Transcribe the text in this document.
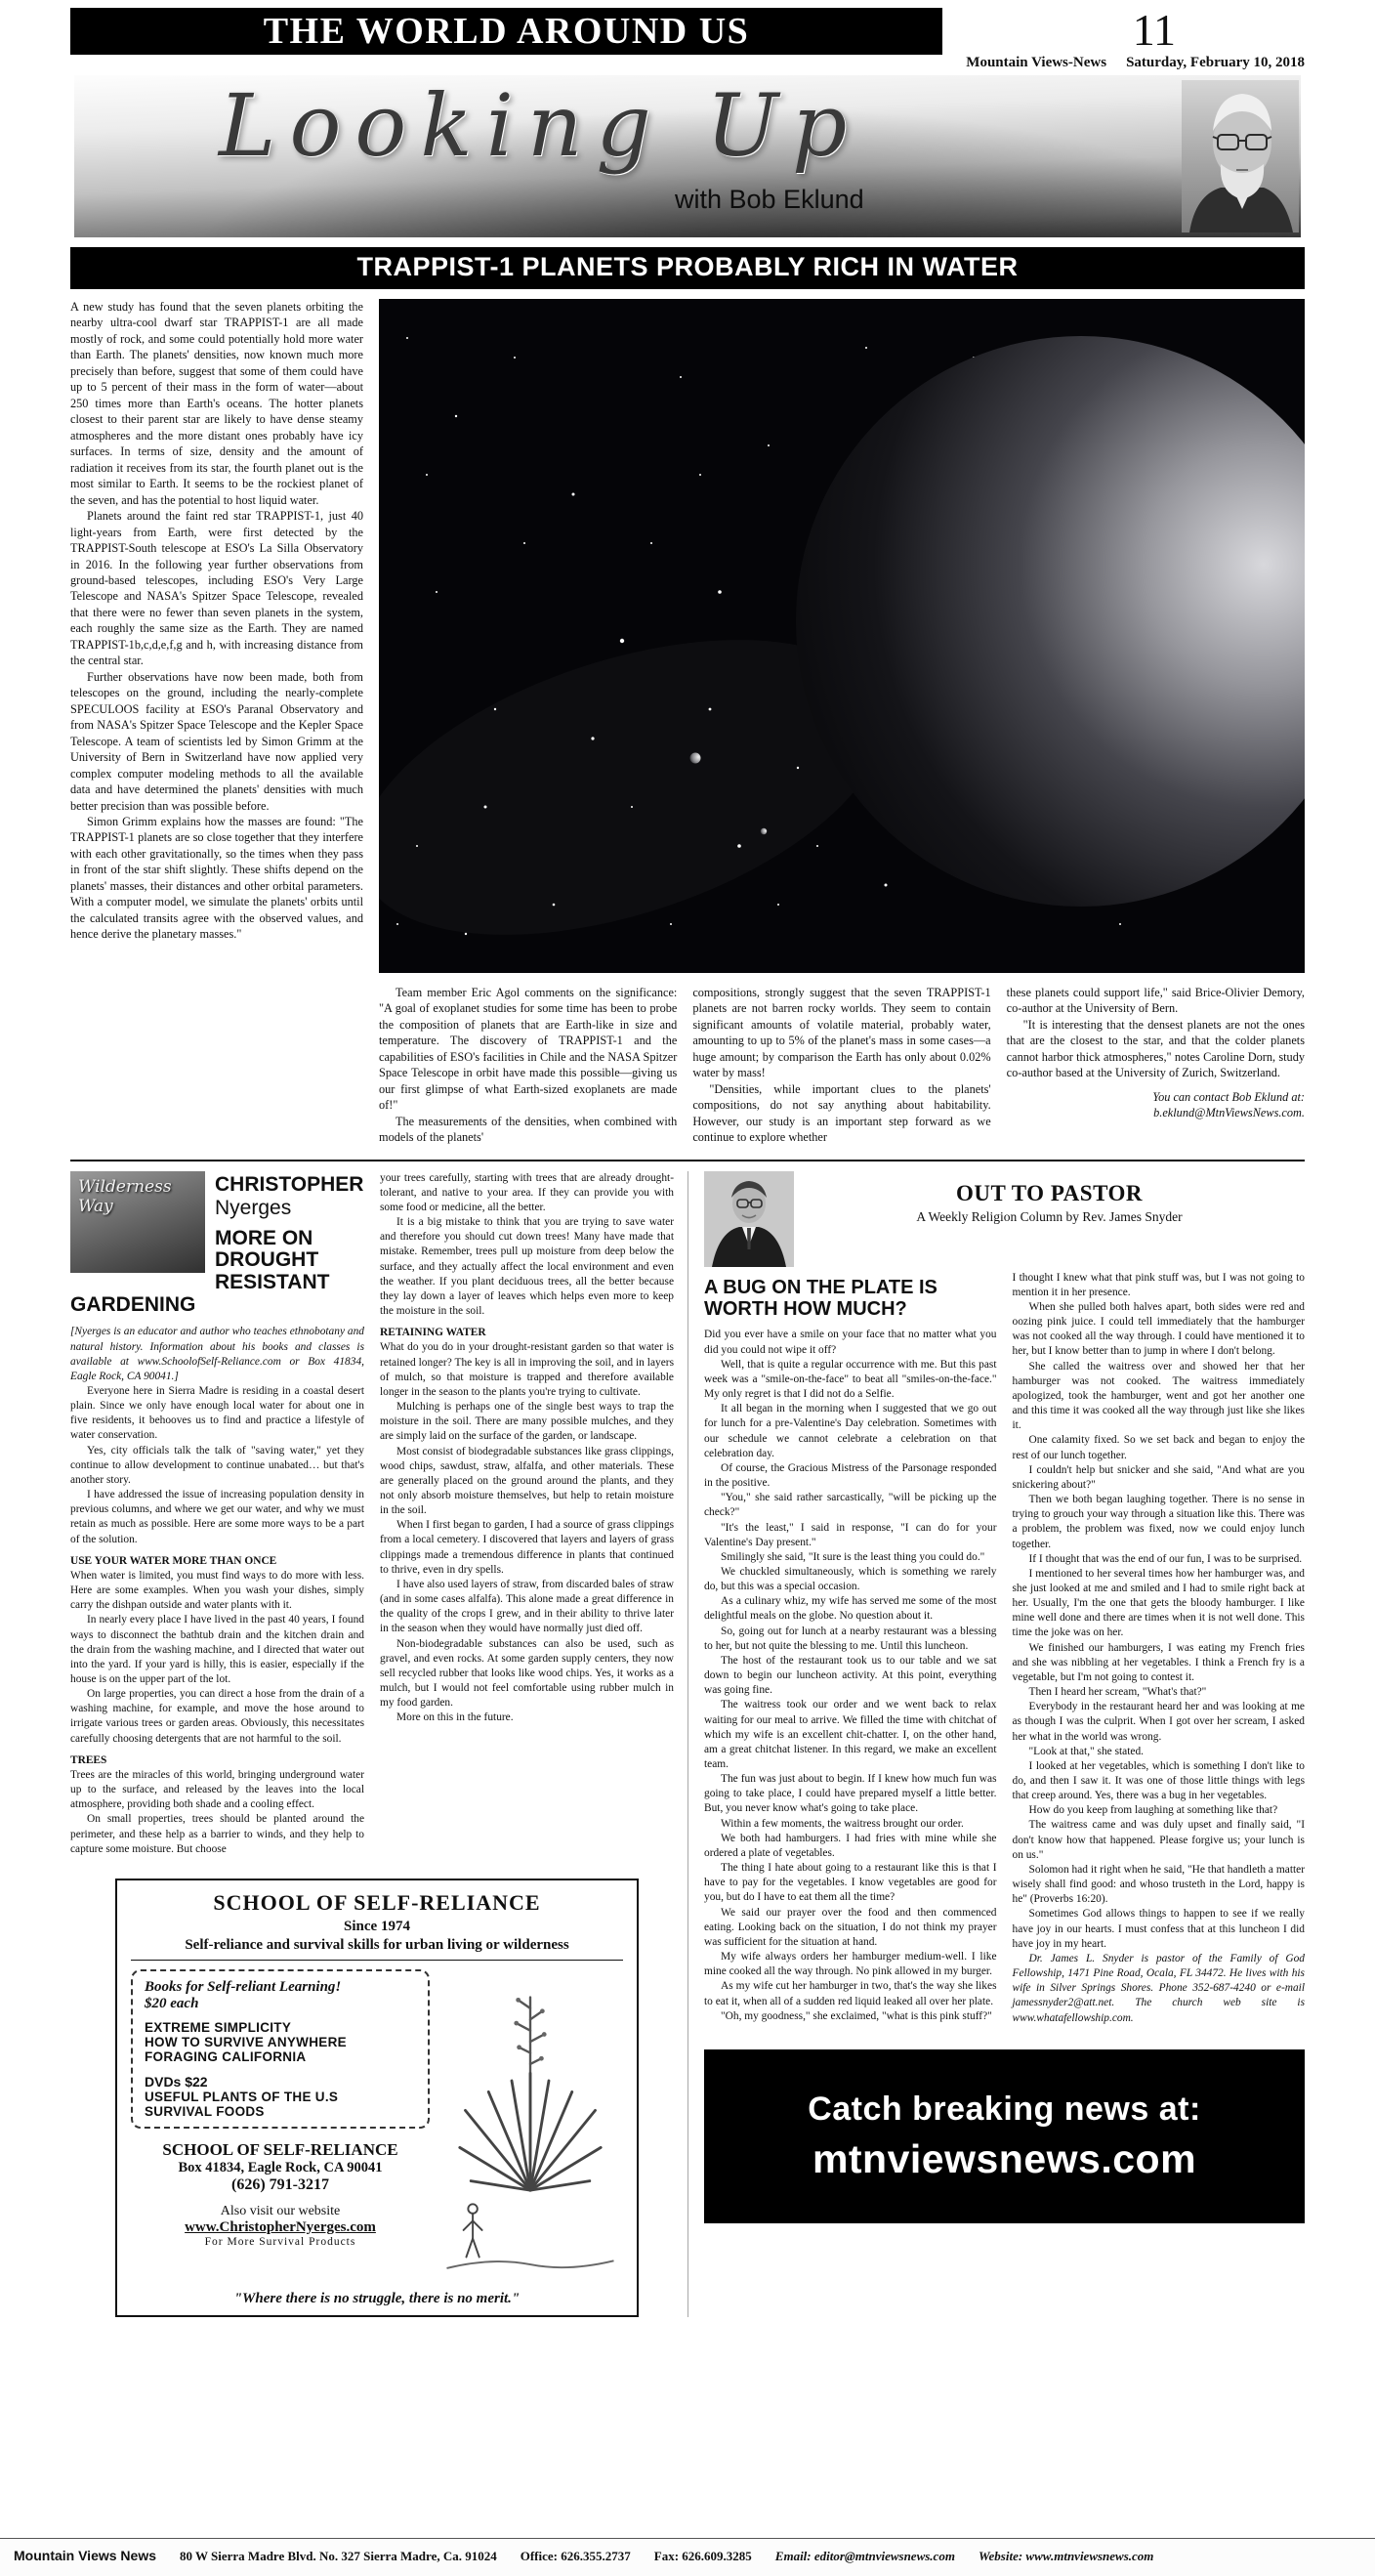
THE WORLD AROUND US	11
Mountain Views-News Saturday, February 10, 2018
Looking Up
with Bob Eklund
TRAPPIST-1 PLANETS PROBABLY RICH IN WATER

A new study has found that the seven planets orbiting the nearby ultra-cool dwarf star TRAPPIST-1 are all made mostly of rock, and some could potentially hold more water than Earth. The planets' densities, now known much more precisely than before, suggest that some of them could have up to 5 percent of their mass in the form of water—about 250 times more than Earth's oceans. The hotter planets closest to their parent star are likely to have dense steamy atmospheres and the more distant ones probably have icy surfaces. In terms of size, density and the amount of radiation it receives from its star, the fourth planet out is the most similar to Earth. It seems to be the rockiest planet of the seven, and has the potential to host liquid water.

Planets around the faint red star TRAPPIST-1, just 40 light-years from Earth, were first detected by the TRAPPIST-South telescope at ESO's La Silla Observatory in 2016. In the following year further observations from ground-based telescopes, including ESO's Very Large Telescope and NASA's Spitzer Space Telescope, revealed that there were no fewer than seven planets in the system, each roughly the same size as the Earth. They are named TRAPPIST-1b,c,d,e,f,g and h, with increasing distance from the central star.

Further observations have now been made, both from telescopes on the ground, including the nearly-complete SPECULOOS facility at ESO's Paranal Observatory and from NASA's Spitzer Space Telescope and the Kepler Space Telescope. A team of scientists led by Simon Grimm at the University of Bern in Switzerland have now applied very complex computer modeling methods to all the available data and have determined the planets' densities with much better precision than was possible before.

Simon Grimm explains how the masses are found: "The TRAPPIST-1 planets are so close together that they interfere with each other gravitationally, so the times when they pass in front of the star shift slightly. These shifts depend on the planets' masses, their distances and other orbital parameters. With a computer model, we simulate the planets' orbits until the calculated transits agree with the observed values, and hence derive the planetary masses."

Team member Eric Agol comments on the significance: "A goal of exoplanet studies for some time has been to probe the composition of planets that are Earth-like in size and temperature. The discovery of TRAPPIST-1 and the capabilities of ESO's facilities in Chile and the NASA Spitzer Space Telescope in orbit have made this possible—giving us our first glimpse of what Earth-sized exoplanets are made of!"

The measurements of the densities, when combined with models of the planets'

compositions, strongly suggest that the seven TRAPPIST-1 planets are not barren rocky worlds. They seem to contain significant amounts of volatile material, probably water, amounting to up to 5% of the planet's mass in some cases—a huge amount; by comparison the Earth has only about 0.02% water by mass!

"Densities, while important clues to the planets' compositions, do not say anything about habitability. However, our study is an important step forward as we continue to explore whether

these planets could support life," said Brice-Olivier Demory, co-author at the University of Bern.

"It is interesting that the densest planets are not the ones that are the closest to the star, and that the colder planets cannot harbor thick atmospheres," notes Caroline Dorn, study co-author based at the University of Zurich, Switzerland.

You can contact Bob Eklund at: b.eklund@MtnViewsNews.com.

Wilderness Way
CHRISTOPHER Nyerges
MORE ON DROUGHT RESISTANT GARDENING

[Nyerges is an educator and author who teaches ethnobotany and natural history. Information about his books and classes is available at www.SchoolofSelf-Reliance.com or Box 41834, Eagle Rock, CA 90041.]

Everyone here in Sierra Madre is residing in a coastal desert plain. Since we only have enough local water for about one in five residents, it behooves us to find and practice a lifestyle of water conservation.

Yes, city officials talk the talk of "saving water," yet they continue to allow development to continue unabated… but that's another story.

I have addressed the issue of increasing population density in previous columns, and where we get our water, and why we must retain as much as possible. Here are some more ways to be a part of the solution.

USE YOUR WATER MORE THAN ONCE

When water is limited, you must find ways to do more with less. Here are some examples. When you wash your dishes, simply carry the dishpan outside and water plants with it.

In nearly every place I have lived in the past 40 years, I found ways to disconnect the bathtub drain and the kitchen drain and the drain from the washing machine, and I directed that water out into the yard. If your yard is hilly, this is easier, especially if the house is on the upper part of the lot.

On large properties, you can direct a hose from the drain of a washing machine, for example, and move the hose around to irrigate various trees or garden areas. Obviously, this necessitates carefully choosing detergents that are not harmful to the soil.

TREES

Trees are the miracles of this world, bringing underground water up to the surface, and released by the leaves into the local atmosphere, providing both shade and a cooling effect.

On small properties, trees should be planted around the perimeter, and these help as a barrier to winds, and they help to capture some moisture. But choose

your trees carefully, starting with trees that are already drought-tolerant, and native to your area. If they can provide you with some food or medicine, all the better.

It is a big mistake to think that you are trying to save water and therefore you should cut down trees! Many have made that mistake. Remember, trees pull up moisture from deep below the surface, and they actually affect the local environment and even the weather. If you plant deciduous trees, all the better because they lay down a layer of leaves which helps even more to keep the moisture in the soil.

RETAINING WATER

What do you do in your drought-resistant garden so that water is retained longer? The key is all in improving the soil, and in layers of mulch, so that moisture is trapped and therefore available longer in the season to the plants you're trying to cultivate.

Mulching is perhaps one of the single best ways to trap the moisture in the soil. There are many possible mulches, and they are simply laid on the surface of the garden, or landscape.

Most consist of biodegradable substances like grass clippings, wood chips, sawdust, straw, alfalfa, and other materials. These are generally placed on the ground around the plants, and they not only absorb moisture themselves, but help to retain moisture in the soil.

When I first began to garden, I had a source of grass clippings from a local cemetery. I discovered that layers and layers of grass clippings made a tremendous difference in plants that continued to thrive, even in dry spells.

I have also used layers of straw, from discarded bales of straw (and in some cases alfalfa). This alone made a great difference in the quality of the crops I grew, and in their ability to thrive later in the season when they would have normally just died off.

Non-biodegradable substances can also be used, such as gravel, and even rocks. At some garden supply centers, they now sell recycled rubber that looks like wood chips. Yes, it works as a mulch, but I would not feel comfortable using rubber mulch in my food garden.

More on this in the future.

SCHOOL OF SELF-RELIANCE
Since 1974
Self-reliance and survival skills for urban living or wilderness

Books for Self-reliant Learning!

$20 each

EXTREME SIMPLICITY

HOW TO SURVIVE ANYWHERE

FORAGING CALIFORNIA

DVDs $22

USEFUL PLANTS OF THE U.S

SURVIVAL FOODS

SCHOOL OF SELF-RELIANCE
Box 41834, Eagle Rock, CA 90041
(626) 791-3217
Also visit our website
www.ChristopherNyerges.com
For More Survival Products
"Where there is no struggle, there is no merit."
OUT TO PASTOR
A Weekly Religion Column by Rev. James Snyder
A BUG ON THE PLATE IS WORTH HOW MUCH?

Did you ever have a smile on your face that no matter what you did you could not wipe it off?

Well, that is quite a regular occurrence with me. But this past week was a "smile-on-the-face" to beat all "smiles-on-the-face." My only regret is that I did not do a Selfie.

It all began in the morning when I suggested that we go out for lunch for a pre-Valentine's Day celebration. Sometimes with our schedule we cannot celebrate a celebration on that celebration day.

Of course, the Gracious Mistress of the Parsonage responded in the positive.

"You," she said rather sarcastically, "will be picking up the check?"

"It's the least," I said in response, "I can do for your Valentine's Day present."

Smilingly she said, "It sure is the least thing you could do."

We chuckled simultaneously, which is something we rarely do, but this was a special occasion.

As a culinary whiz, my wife has served me some of the most delightful meals on the globe. No question about it.

So, going out for lunch at a nearby restaurant was a blessing to her, but not quite the blessing to me. Until this luncheon.

The host of the restaurant took us to our table and we sat down to begin our luncheon activity. At this point, everything was going fine.

The waitress took our order and we went back to relax waiting for our meal to arrive. We filled the time with chitchat of which my wife is an excellent chit-chatter. I, on the other hand, am a great chitchat listener. In this regard, we make an excellent team.

The fun was just about to begin. If I knew how much fun was going to take place, I could have prepared myself a little better. But, you never know what's going to take place.

Within a few moments, the waitress brought our order.

We both had hamburgers. I had fries with mine while she ordered a plate of vegetables.

The thing I hate about going to a restaurant like this is that I have to pay for the vegetables. I know vegetables are good for you, but do I have to eat them all the time?

We said our prayer over the food and then commenced eating. Looking back on the situation, I do not think my prayer was sufficient for the situation at hand.

My wife always orders her hamburger medium-well. I like mine cooked all the way through. No pink allowed in my burger.

As my wife cut her hamburger in two, that's the way she likes to eat it, when all of a sudden red liquid leaked all over her plate.

"Oh, my goodness," she exclaimed, "what is this pink stuff?"

I thought I knew what that pink stuff was, but I was not going to mention it in her presence.

When she pulled both halves apart, both sides were red and oozing pink juice. I could tell immediately that the hamburger was not cooked all the way through. I could have mentioned it to her, but I know better than to jump in where I don't belong.

She called the waitress over and showed her that her hamburger was not cooked. The waitress immediately apologized, took the hamburger, went and got her another one and this time it was cooked all the way through just like she likes it.

One calamity fixed. So we set back and began to enjoy the rest of our lunch together.

I couldn't help but snicker and she said, "And what are you snickering about?"

Then we both began laughing together. There is no sense in trying to grouch your way through a situation like this. There was a problem, the problem was fixed, now we could enjoy lunch together.

If I thought that was the end of our fun, I was to be surprised.

I mentioned to her several times how her hamburger was, and she just looked at me and smiled and I had to smile right back at her. Usually, I'm the one that gets the bloody hamburger. I like mine well done and there are times when it is not well done. This time the joke was on her.

We finished our hamburgers, I was eating my French fries and she was nibbling at her vegetables. I think a French fry is a vegetable, but I'm not going to contest it.

Then I heard her scream, "What's that?"

Everybody in the restaurant heard her and was looking at me as though I was the culprit. When I got over her scream, I asked her what in the world was wrong.

"Look at that," she stated.

I looked at her vegetables, which is something I don't like to do, and then I saw it. It was one of those little things with legs that creep around. Yes, there was a bug in her vegetables.

How do you keep from laughing at something like that?

The waitress came and was duly upset and finally said, "I don't know how that happened. Please forgive us; your lunch is on us."

Solomon had it right when he said, "He that handleth a matter wisely shall find good: and whoso trusteth in the Lord, happy is he" (Proverbs 16:20).

Sometimes God allows things to happen to see if we really have joy in our hearts. I must confess that at this luncheon I did have joy in my heart.

Dr. James L. Snyder is pastor of the Family of God Fellowship, 1471 Pine Road, Ocala, FL 34472. He lives with his wife in Silver Springs Shores. Phone 352-687-4240 or e-mail jamessnyder2@att.net. The church web site is www.whatafellowship.com.

Catch breaking news at:
mtnviewsnews.com
Mountain Views News 80 W Sierra Madre Blvd. No. 327 Sierra Madre, Ca. 91024 Office: 626.355.2737 Fax: 626.609.3285 Email: editor@mtnviewsnews.com Website: www.mtnviewsnews.com
